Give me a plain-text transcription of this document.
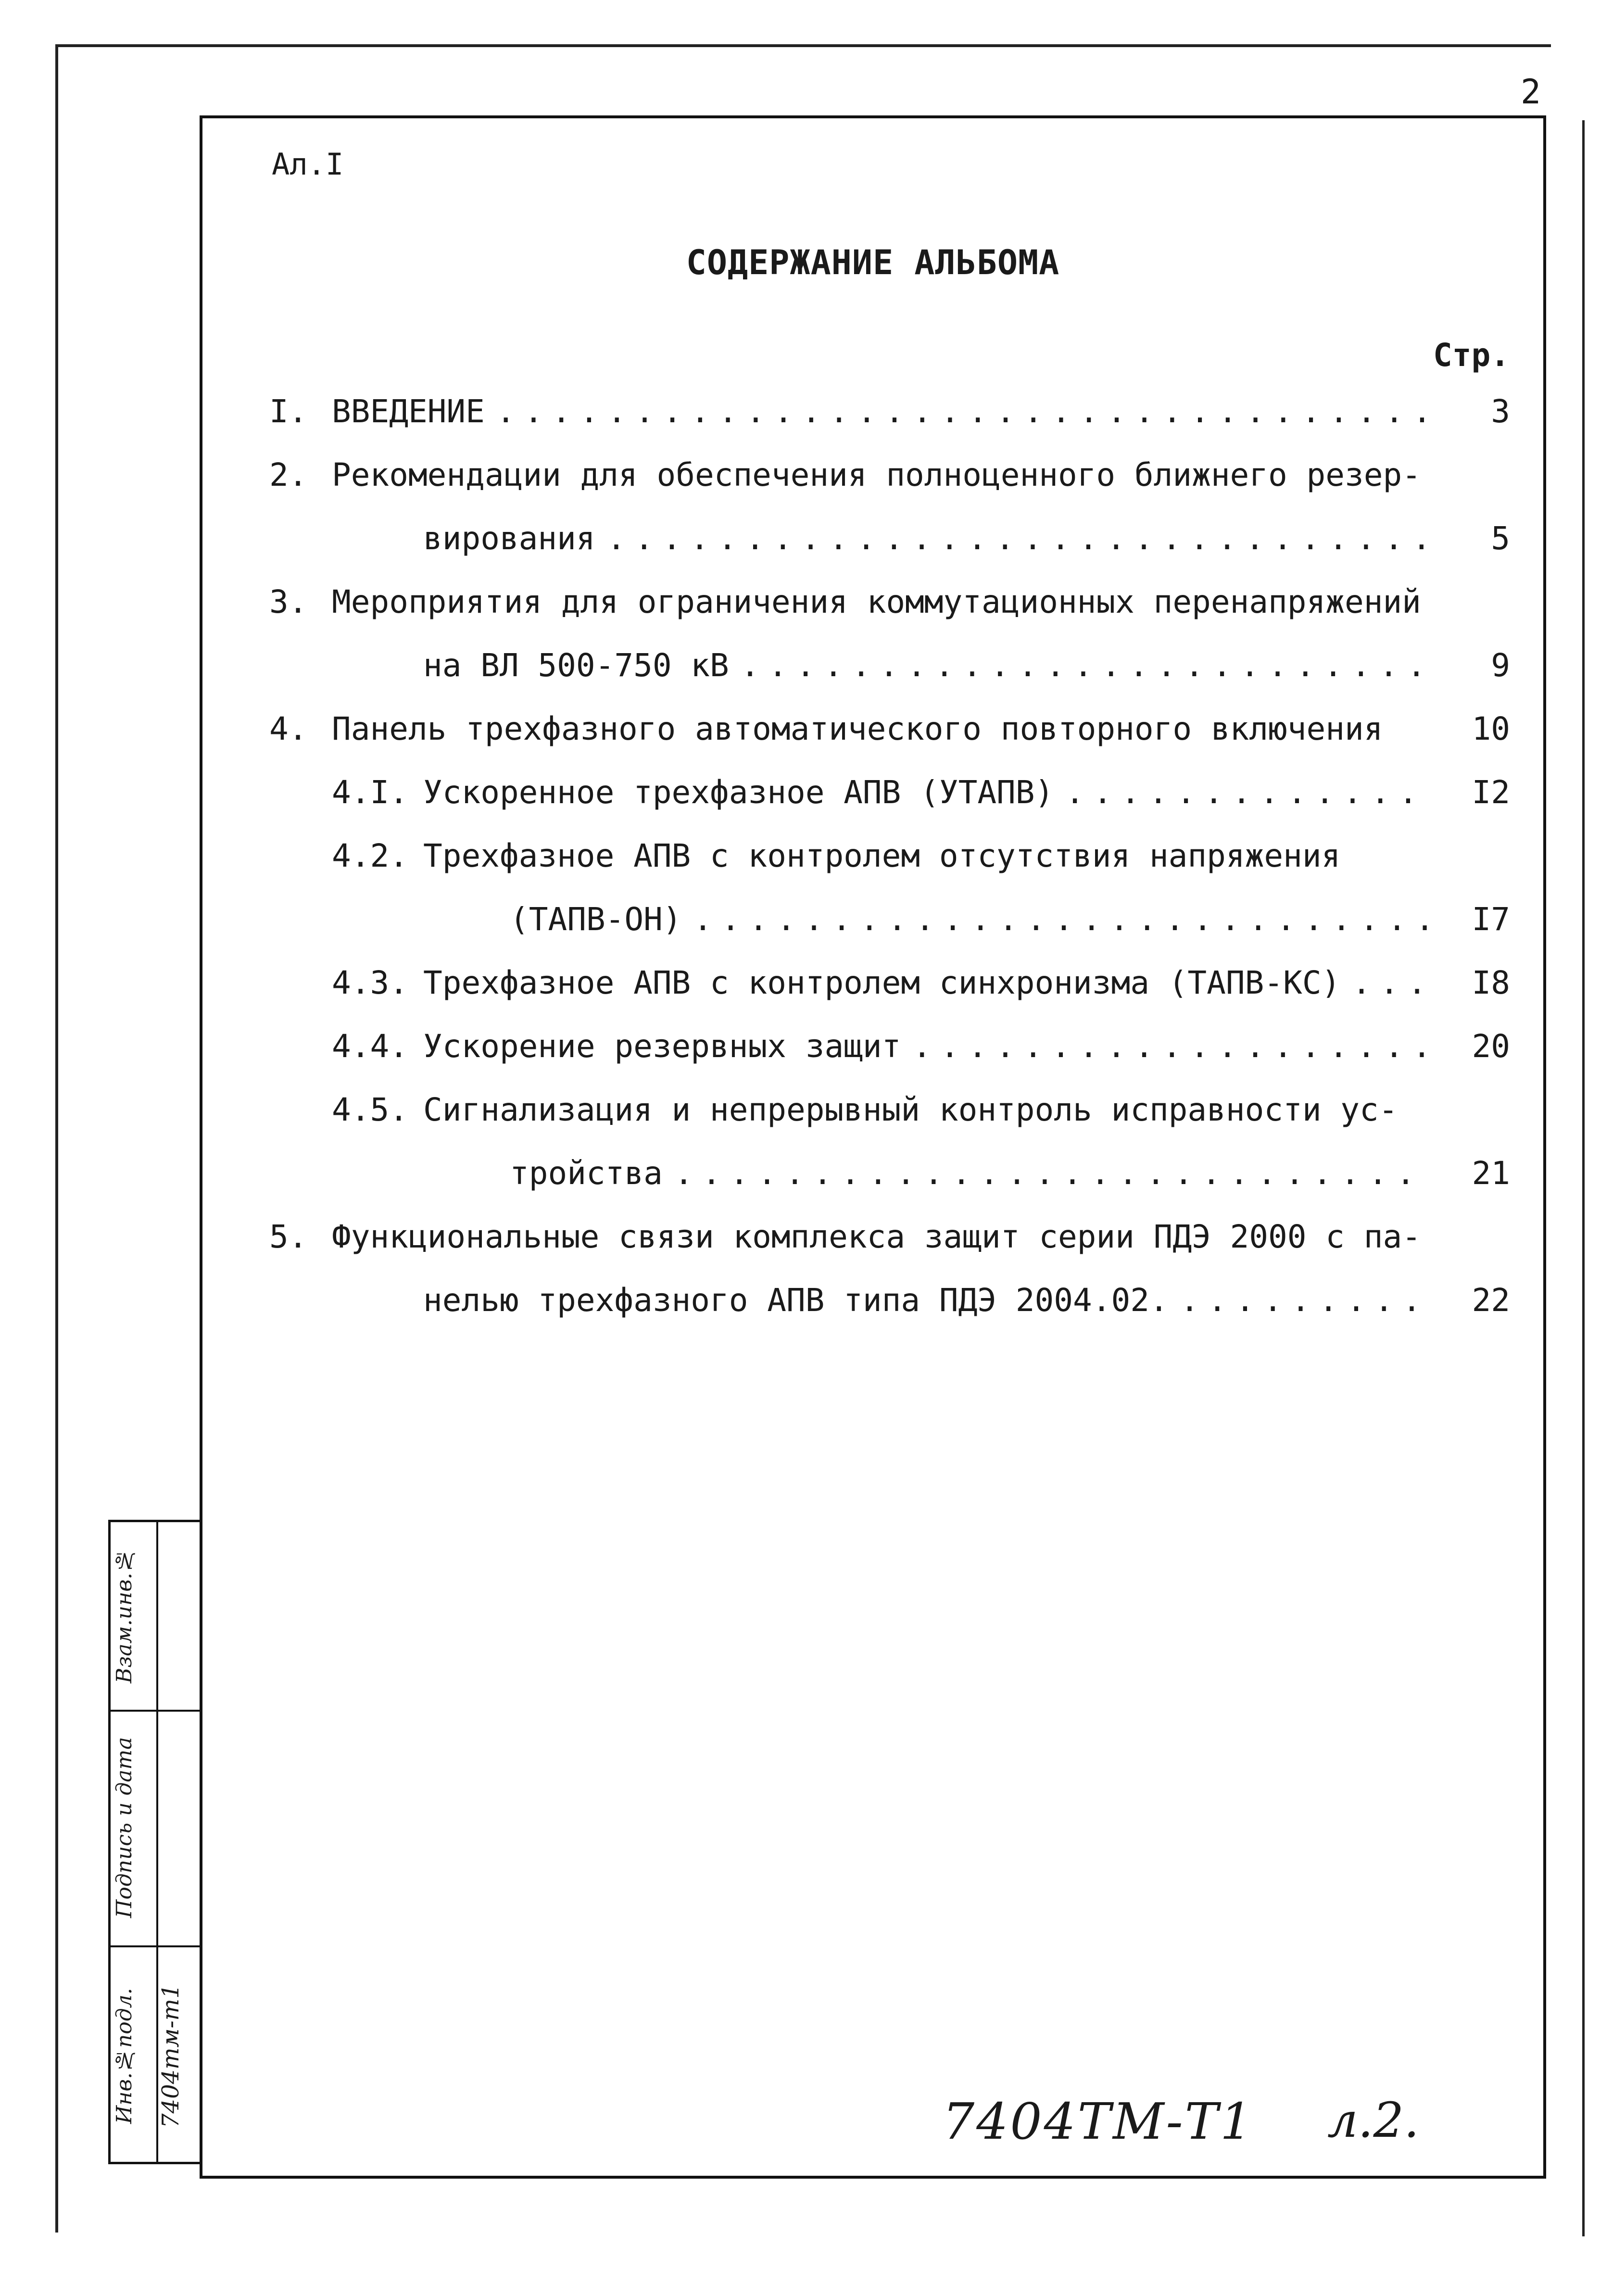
2
Ал.I
СОДЕРЖАНИЕ АЛЬБОМА
Стр.
I. ВВЕДЕНИЕ ..................................	3
2. Рекомендации для обеспечения полноценного ближнего резер-
вирования ..............................	5
3. Мероприятия для ограничения коммутационных перенапряжений
на ВЛ 500-750 кВ .........................	9
4. Панель трехфазного автоматического повторного включения	10
4.I. Ускоренное трехфазное АПВ (УТАПВ) .............	I2
4.2. Трехфазное АПВ с контролем отсутствия напряжения
(ТАПВ-ОН) ........................... I7
4.3. Трехфазное АПВ с контролем синхронизма (ТАПВ-КС) ...	I8
4.4. Ускорение резервных защит ...................	20
4.5. Сигнализация и непрерывный контроль исправности ус-
тройства ...........................	21
5. Функциональные связи комплекса защит серии ПДЭ 2000 с па-
нелью трехфазного АПВ типа ПДЭ 2004.02. .........	22
Инв.№подл.
Подпись и дата
Взам.инв.№
7404тм-т1	7404ТМ-Т1 л.2.
